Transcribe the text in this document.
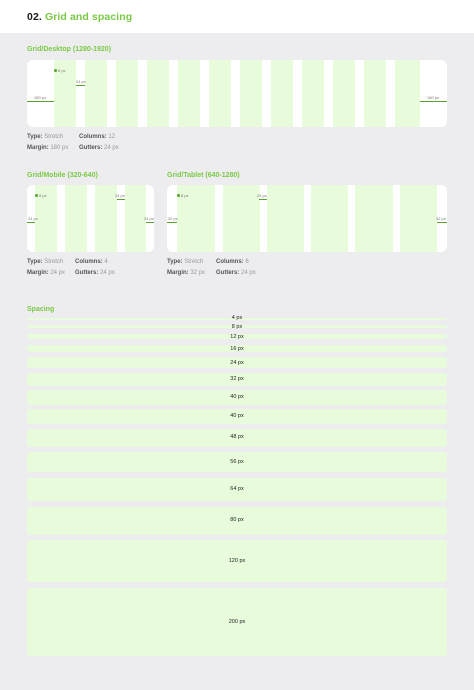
02. Grid and spacing
Grid/Desktop (1280-1920)
8 px
24 px
180 px	180 px
Type: Stretch	Columns: 12
Margin: 180 px Gutters: 24 px
Grid/Mobile (320-640)
8 px	24 px
24 px	24 px
Type: Stretch Columns: 4
Margin: 24 px Gutters: 24 px
Grid/Tablet (640-1280)
8 px	24 px
32 px	32 px
Type: Stretch Columns: 6
Margin: 32 px Gutters: 24 px
Spacing
4 px
8 px
12 px
16 px
24 px
32 px
40 px
40 px
48 px
56 px
64 px
80 px
120 px
200 px
